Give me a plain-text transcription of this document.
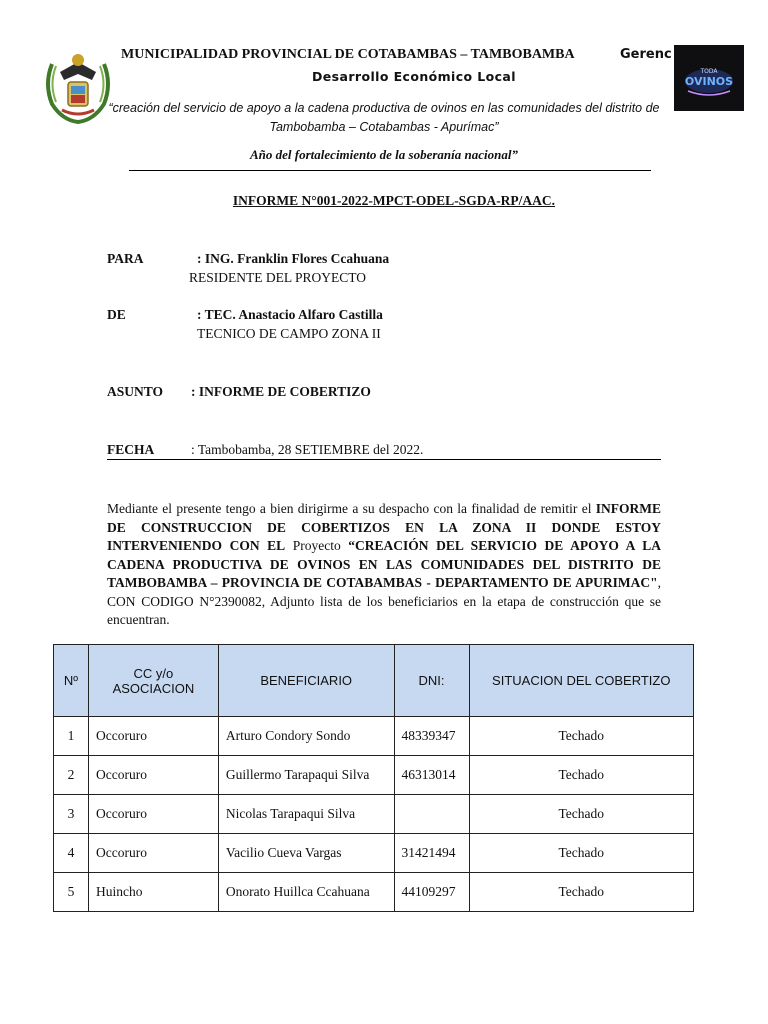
MUNICIPALIDAD PROVINCIAL DE COTABAMBAS – TAMBOBAMBA	Gerenc
TODA
OVINOS
Desarrollo Económico Local
“creación del servicio de apoyo a la cadena productiva de ovinos en las comunidades del distrito de
Tambobamba – Cotabambas - Apurímac”
Año del fortalecimiento de la soberanía nacional”
INFORME N°001-2022-MPCT-ODEL-SGDA-RP/AAC.
PARA	: ING. Franklin Flores Ccahuana
RESIDENTE DEL PROYECTO
DE	: TEC. Anastacio Alfaro Castilla
TECNICO DE CAMPO ZONA II
ASUNTO : INFORME DE COBERTIZO
FECHA	: Tambobamba, 28 SETIEMBRE del 2022.
Mediante el presente tengo a bien dirigirme a su despacho con la finalidad de remitir el INFORME DE CONSTRUCCION DE COBERTIZOS EN LA ZONA II DONDE ESTOY INTERVENIENDO CON EL Proyecto “CREACIÓN DEL SERVICIO DE APOYO A LA CADENA PRODUCTIVA DE OVINOS EN LAS COMUNIDADES DEL DISTRITO DE TAMBOBAMBA – PROVINCIA DE COTABAMBAS - DEPARTAMENTO DE APURIMAC", CON CODIGO N°2390082, Adjunto lista de los beneficiarios en la etapa de construcción que se encuentran.
Nº	CC y/o ASOCIACION	BENEFICIARIO	DNI:	SITUACION DEL COBERTIZO
1	Occoruro	Arturo Condory Sondo	48339347	Techado
2	Occoruro	Guillermo Tarapaqui Silva	46313014	Techado
3	Occoruro	Nicolas Tarapaqui Silva		Techado
4	Occoruro	Vacilio Cueva Vargas	31421494	Techado
5	Huincho	Onorato Huillca Ccahuana	44109297	Techado
